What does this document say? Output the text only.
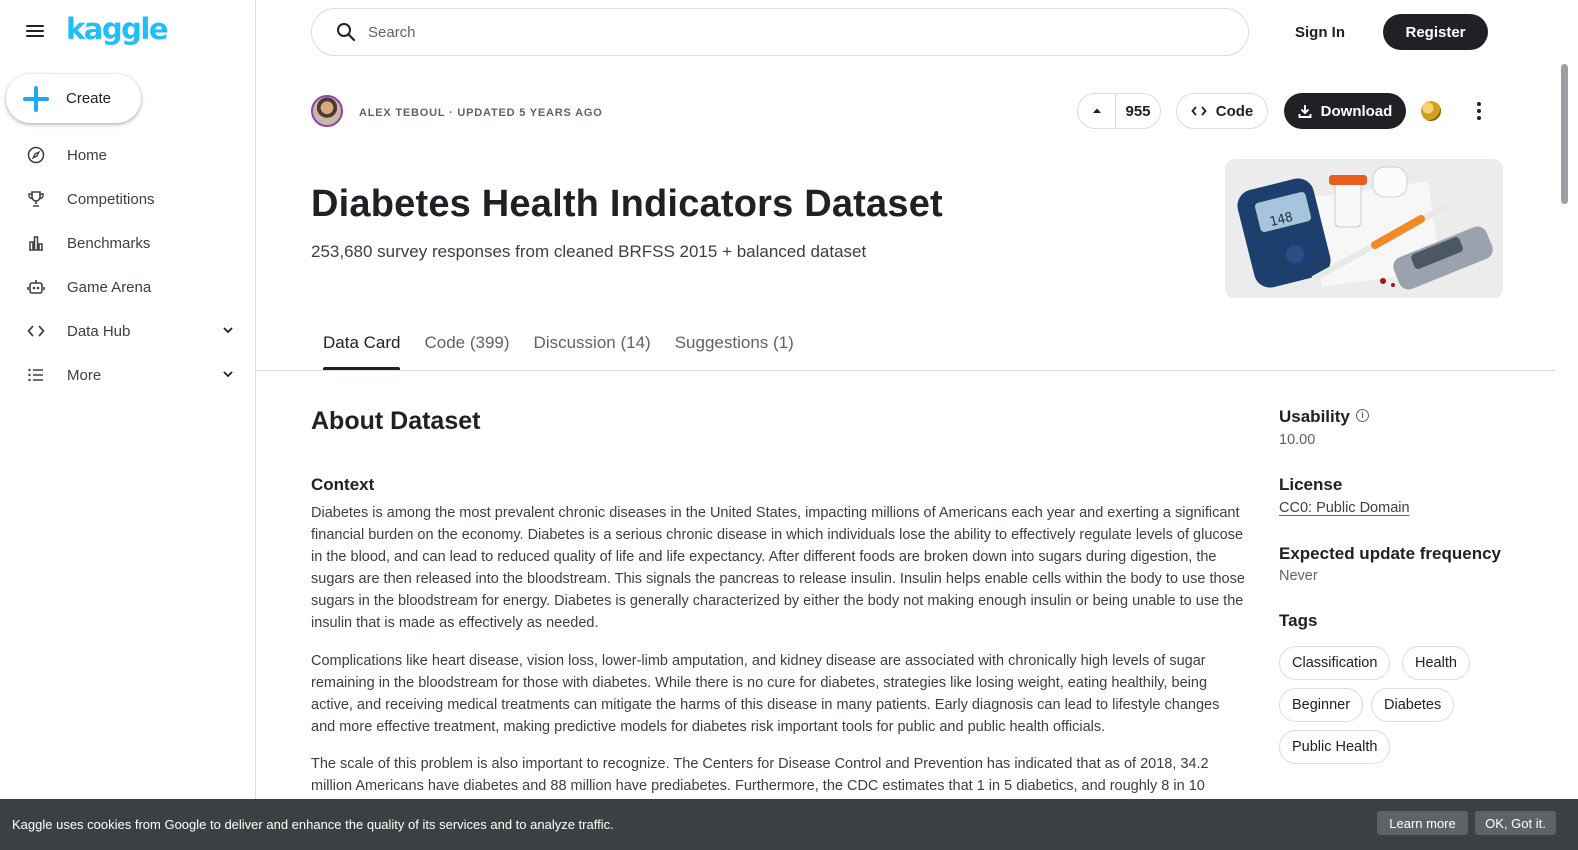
kaggle
Create
Home
Competitions
Benchmarks
Game Arena
Data Hub
More
Search
Sign In	Register
ALEX TEBOUL · UPDATED 5 YEARS AGO	955	Code	Download
Diabetes Health Indicators Dataset
253,680 survey responses from cleaned BRFSS 2015 + balanced dataset
148
Data Card	Code (399)	Discussion (14)	Suggestions (1)
About Dataset
Context

Diabetes is among the most prevalent chronic diseases in the United States, impacting millions of Americans each year and exerting a significant financial burden on the economy. Diabetes is a serious chronic disease in which individuals lose the ability to effectively regulate levels of glucose in the blood, and can lead to reduced quality of life and life expectancy. After different foods are broken down into sugars during digestion, the sugars are then released into the bloodstream. This signals the pancreas to release insulin. Insulin helps enable cells within the body to use those sugars in the bloodstream for energy. Diabetes is generally characterized by either the body not making enough insulin or being unable to use the insulin that is made as effectively as needed.

Complications like heart disease, vision loss, lower-limb amputation, and kidney disease are associated with chronically high levels of sugar remaining in the bloodstream for those with diabetes. While there is no cure for diabetes, strategies like losing weight, eating healthily, being active, and receiving medical treatments can mitigate the harms of this disease in many patients. Early diagnosis can lead to lifestyle changes and more effective treatment, making predictive models for diabetes risk important tools for public and public health officials.

The scale of this problem is also important to recognize. The Centers for Disease Control and Prevention has indicated that as of 2018, 34.2 million Americans have diabetes and 88 million have prediabetes. Furthermore, the CDC estimates that 1 in 5 diabetics, and roughly 8 in 10

Usability	i
10.00
License
CC0: Public Domain
Expected update frequency
Never
Tags
Classification	Health
Beginner	Diabetes
Public Health
Kaggle uses cookies from Google to deliver and enhance the quality of its services and to analyze traffic.	Learn more	OK, Got it.
